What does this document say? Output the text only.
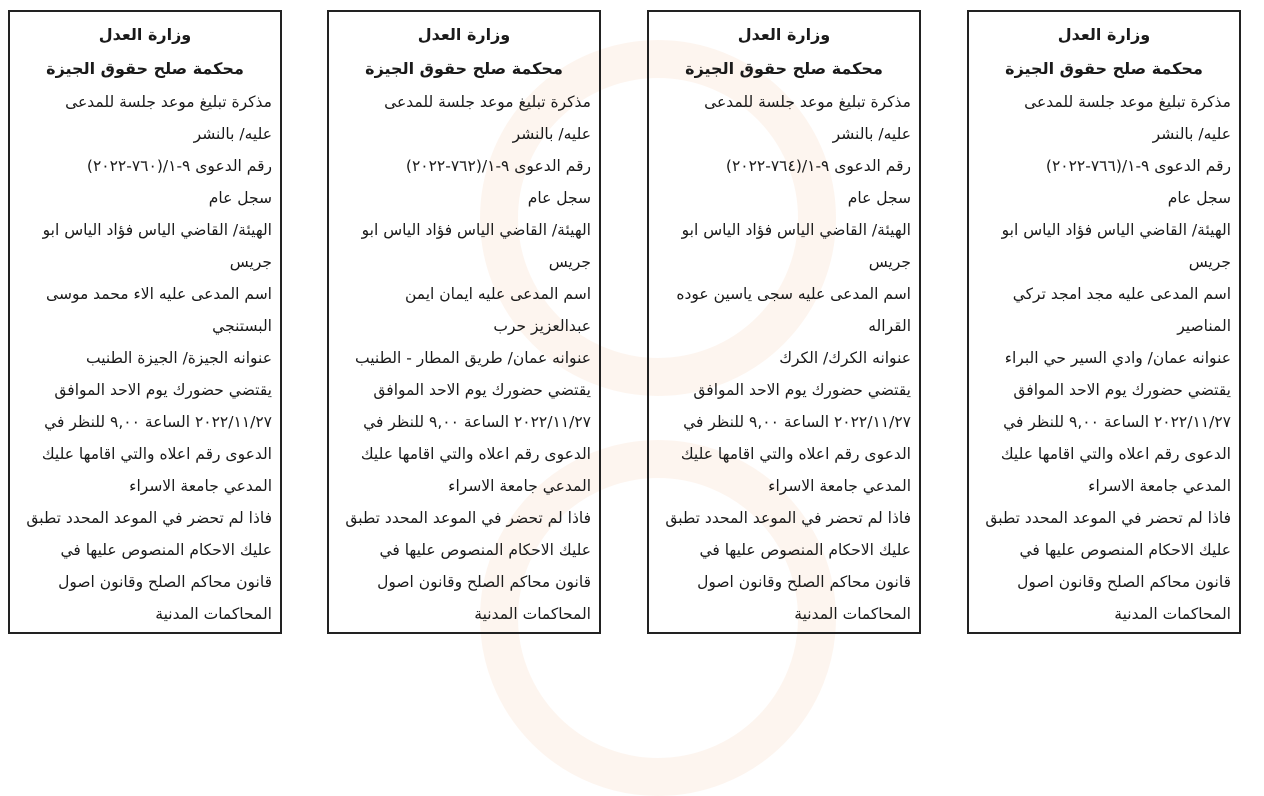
وزارة العدل
محكمة صلح حقوق الجيزة
مذكرة تبليغ موعد جلسة للمدعى
عليه/ بالنشر
رقم الدعوى ٩-١/(٧٦٦-٢٠٢٢)
سجل عام
الهيئة/ القاضي الياس فؤاد الياس ابو
جريس
اسم المدعى عليه مجد امجد تركي
المناصير
عنوانه عمان/ وادي السير حي البراء
يقتضي حضورك يوم الاحد الموافق
٢٠٢٢/١١/٢٧ الساعة ٩,٠٠ للنظر في
الدعوى رقم اعلاه والتي اقامها عليك
المدعي جامعة الاسراء
فاذا لم تحضر في الموعد المحدد تطبق
عليك الاحكام المنصوص عليها في
قانون محاكم الصلح وقانون اصول
المحاكمات المدنية
وزارة العدل
محكمة صلح حقوق الجيزة
مذكرة تبليغ موعد جلسة للمدعى
عليه/ بالنشر
رقم الدعوى ٩-١/(٧٦٤-٢٠٢٢)
سجل عام
الهيئة/ القاضي الياس فؤاد الياس ابو
جريس
اسم المدعى عليه سجى ياسين عوده
القراله
عنوانه الكرك/ الكرك
يقتضي حضورك يوم الاحد الموافق
٢٠٢٢/١١/٢٧ الساعة ٩,٠٠ للنظر في
الدعوى رقم اعلاه والتي اقامها عليك
المدعي جامعة الاسراء
فاذا لم تحضر في الموعد المحدد تطبق
عليك الاحكام المنصوص عليها في
قانون محاكم الصلح وقانون اصول
المحاكمات المدنية
وزارة العدل
محكمة صلح حقوق الجيزة
مذكرة تبليغ موعد جلسة للمدعى
عليه/ بالنشر
رقم الدعوى ٩-١/(٧٦٢-٢٠٢٢)
سجل عام
الهيئة/ القاضي الياس فؤاد الياس ابو
جريس
اسم المدعى عليه ايمان ايمن
عبدالعزيز حرب
عنوانه عمان/ طريق المطار - الطنيب
يقتضي حضورك يوم الاحد الموافق
٢٠٢٢/١١/٢٧ الساعة ٩,٠٠ للنظر في
الدعوى رقم اعلاه والتي اقامها عليك
المدعي جامعة الاسراء
فاذا لم تحضر في الموعد المحدد تطبق
عليك الاحكام المنصوص عليها في
قانون محاكم الصلح وقانون اصول
المحاكمات المدنية
وزارة العدل
محكمة صلح حقوق الجيزة
مذكرة تبليغ موعد جلسة للمدعى
عليه/ بالنشر
رقم الدعوى ٩-١/(٧٦٠-٢٠٢٢)
سجل عام
الهيئة/ القاضي الياس فؤاد الياس ابو
جريس
اسم المدعى عليه الاء محمد موسى
البستنجي
عنوانه الجيزة/ الجيزة الطنيب
يقتضي حضورك يوم الاحد الموافق
٢٠٢٢/١١/٢٧ الساعة ٩,٠٠ للنظر في
الدعوى رقم اعلاه والتي اقامها عليك
المدعي جامعة الاسراء
فاذا لم تحضر في الموعد المحدد تطبق
عليك الاحكام المنصوص عليها في
قانون محاكم الصلح وقانون اصول
المحاكمات المدنية
